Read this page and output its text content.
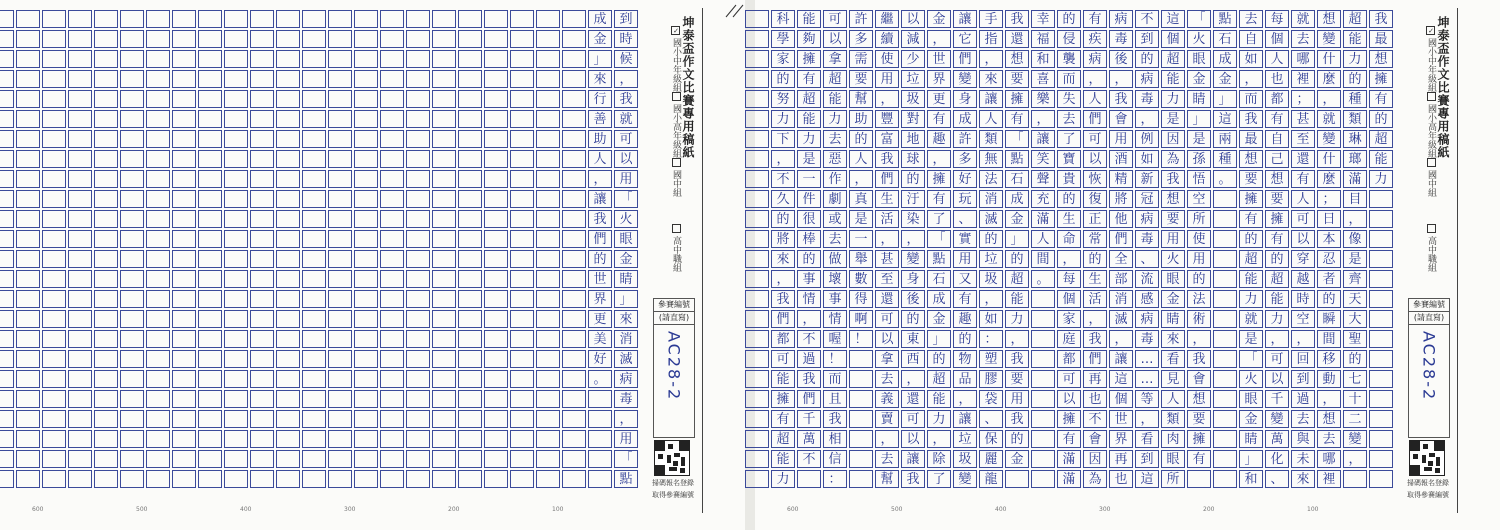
到
時
候
，
我
就
可
以
用
「
火
眼
金
睛
」
來
消
滅
病
毒
，
用
「
點
成
金
」
來
行
善
助
人
，
讓
我
們
的
世
界
更
美
好
。
600	500	400	300	200	100
坤泰盃作文比賽專用稿紙
✓國小中年級組
國小高年級組
國中組
高中職組
參賽編號
(請直寫)
AC28-2
掃碼報名登錄
取得參賽編號
我
最
想
擁
有
的
超
能
力
超
能
力
的
種
類
琳
瑯
滿
目
，
像
是
齊
天
大
聖
的
七
十
二
變
，
想
變
什
麼
，
就
變
什
麼
；
日
本
忍
者
的
瞬
間
移
動
，
想
去
哪
裡
就
去
哪
裡
；
甚
至
還
有
人
可
以
穿
越
時
空
，
回
到
過
去
與
未
來
每
個
人
也
都
有
自
己
想
要
擁
有
的
超
能
力
，
可
以
千
變
萬
化
、
去
自
如
，
而
我
最
想
要
擁
有
的
超
能
力
就
是
「
火
眼
金
睛
」
和
點
石
成
金
」
這
兩
種
。
「
火
眼
金
睛
」
是
孫
悟
空
所
使
用
的
法
術
，
我
會
想
要
擁
有
這
個
超
能
力
是
因
為
我
想
要
用
火
眼
金
睛
來
看
見
人
類
肉
眼
所
不
到
的
病
毒
，
例
如
新
冠
病
毒
、
流
感
病
毒
…
…
等
，
看
到
這
病
毒
後
，
我
會
用
酒
精
將
他
們
全
部
消
滅
，
讓
這
個
世
界
再
也
有
疾
病
，
人
們
可
以
恢
復
正
常
的
生
活
，
我
們
再
也
不
會
因
為
的
侵
襲
而
失
去
了
寶
貴
的
生
命
，
每
個
家
庭
都
可
以
擁
有
滿
滿
幸
福
和
喜
樂
，
讓
笑
聲
充
滿
人
間
。
我
還
想
要
擁
有
「
點
石
成
金
」
的
超
能
力
，
我
要
用
我
的
金
手
指
，
來
讓
人
類
無
法
消
滅
的
垃
圾
，
如
：
塑
膠
袋
、
保
麗
龍
讓
它
們
變
身
成
許
多
好
玩
、
實
用
又
有
趣
的
物
品
，
讓
垃
圾
變
金
，
世
界
更
有
趣
，
擁
有
了
「
點
石
成
金
」
的
超
能
力
，
除
了
以
減
少
垃
圾
對
地
球
的
汙
染
，
變
身
後
的
東
西
，
還
可
以
讓
我
繼
續
使
用
，
豐
富
我
們
生
活
，
甚
至
還
可
以
拿
去
義
賣
，
去
幫
許
多
需
要
幫
助
的
人
，
真
是
一
舉
數
得
啊
！
可
以
拿
超
能
力
去
惡
作
劇
或
去
做
壞
事
情
喔
！
而
且
我
相
信
：
能
夠
擁
有
超
能
力
是
一
件
很
棒
的
事
情
，
不
過
我
們
千
萬
不
科
學
家
的
努
力
下
，
不
久
的
將
來
，
我
們
都
可
能
擁
有
超
能
力
600	500	400	300	200	100
坤泰盃作文比賽專用稿紙
✓國小中年級組
國小高年級組
國中組
高中職組
參賽編號
(請直寫)
AC28-2
掃碼報名登錄
取得參賽編號
